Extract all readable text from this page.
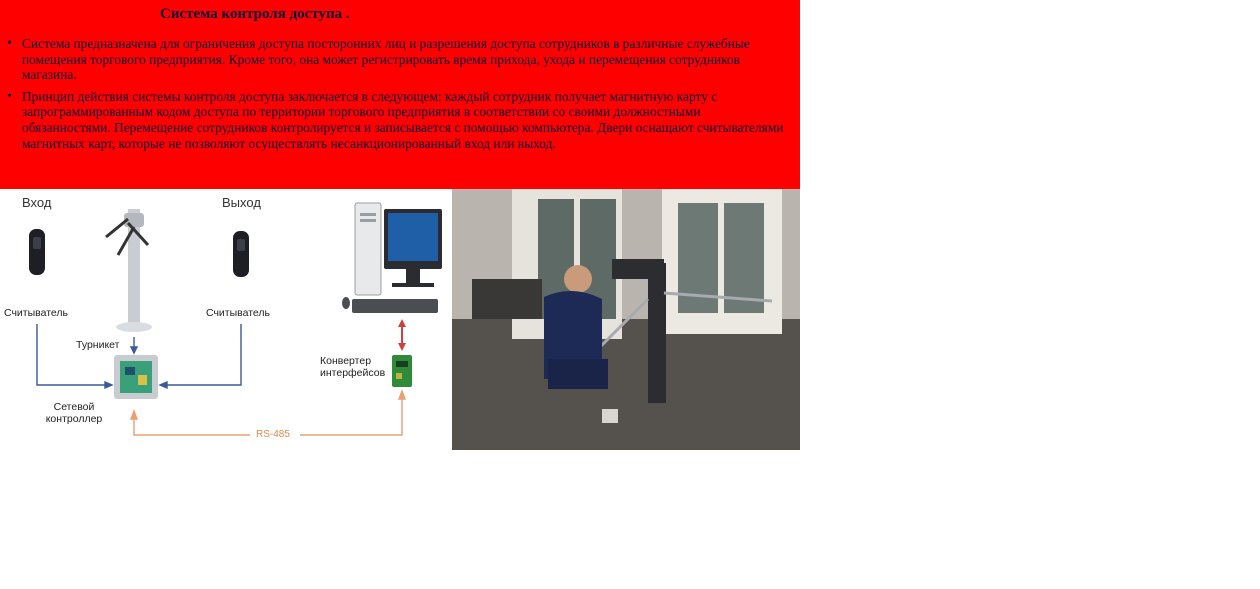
Система контроля доступа .
• Система предназначена для ограничения доступа посторонних лиц и разрешения доступа сотрудников в различные служебные помещения торгового предприятия. Кроме того, она может регистрировать время прихода, ухода и перемещения сотрудников магазина.
• Принцип действия системы контроля доступа заключается в следующем: каждый сотрудник получает магнитную карту с запрограммированным кодом доступа по территории торгового предприятия в соответствии со своими должностными обязанностями. Перемещение сотрудников контролируется и записывается с помощью компьютера. Двери оснащают считывателями магнитных карт, которые не позволяют осуществлять несанкционированный вход или выход.
Вход	Выход
Считыватель	Считыватель
Турникет
Сетевой
контроллер
Конвертер
интерфейсов
RS-485
ТЕХНО
